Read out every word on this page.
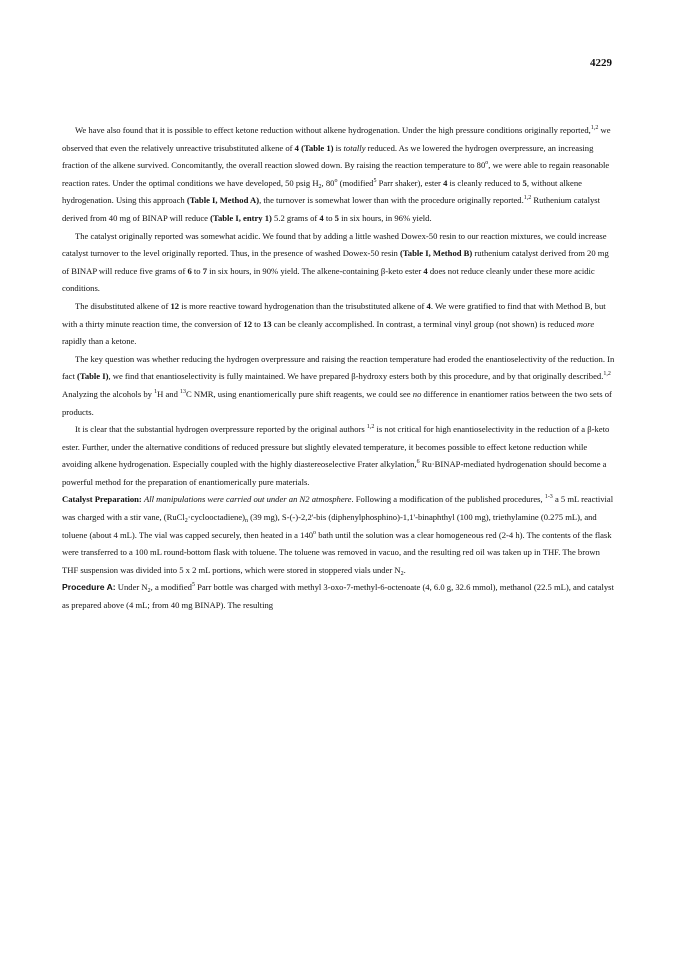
4229

We have also found that it is possible to effect ketone reduction without alkene hydrogenation. Under the high pressure conditions originally reported,$^{1,2}$ we observed that even the relatively unreactive trisubstituted alkene of 4 (Table 1) is totally reduced. As we lowered the hydrogen overpressure, an increasing fraction of the alkene survived. Concomitantly, the overall reaction slowed down. By raising the reaction temperature to 80$^o$, we were able to regain reasonable reaction rates. Under the optimal conditions we have developed, 50 psig $H_2$, 80$^o$ (modified$^5$ Parr shaker), ester 4 is cleanly reduced to 5, without alkene hydrogenation. Using this approach (Table I, Method A), the turnover is somewhat lower than with the procedure originally reported.$^{1,2}$ Ruthenium catalyst derived from 40 mg of BINAP will reduce (Table I, entry 1) 5.2 grams of 4 to 5 in six hours, in 96% yield.

The catalyst originally reported was somewhat acidic. We found that by adding a little washed Dowex-50 resin to our reaction mixtures, we could increase catalyst turnover to the level originally reported. Thus, in the presence of washed Dowex-50 resin (Table I, Method B) ruthenium catalyst derived from 20 mg of BINAP will reduce five grams of 6 to 7 in six hours, in 90% yield. The alkene-containing β-keto ester 4 does not reduce cleanly under these more acidic conditions.

The disubstituted alkene of 12 is more reactive toward hydrogenation than the trisubstituted alkene of 4. We were gratified to find that with Method B, but with a thirty minute reaction time, the conversion of 12 to 13 can be cleanly accomplished. In contrast, a terminal vinyl group (not shown) is reduced more rapidly than a ketone.

The key question was whether reducing the hydrogen overpressure and raising the reaction temperature had eroded the enantioselectivity of the reduction. In fact (Table I), we find that enantioselectivity is fully maintained. We have prepared β-hydroxy esters both by this procedure, and by that originally described.$^{1,2}$ Analyzing the alcohols by $^1$H and $^{13}$C NMR, using enantiomerically pure shift reagents, we could see no difference in enantiomer ratios between the two sets of products.

It is clear that the substantial hydrogen overpressure reported by the original authors $^{1,2}$ is not critical for high enantioselectivity in the reduction of a β-keto ester. Further, under the alternative conditions of reduced pressure but slightly elevated temperature, it becomes possible to effect ketone reduction while avoiding alkene hydrogenation. Especially coupled with the highly diastereoselective Frater alkylation,$^6$ Ru·BINAP-mediated hydrogenation should become a powerful method for the preparation of enantiomerically pure materials.

Catalyst Preparation: All manipulations were carried out under an N2 atmosphere. Following a modification of the published procedures, $^{1-3}$ a 5 mL reactivial was charged with a stir vane, $(RuCl_2\cdot cyclooctadiene)_n$ (39 mg), S-(-)-2,2'-bis (diphenylphosphino)-1,1'-binaphthyl (100 mg), triethylamine (0.275 mL), and toluene (about 4 mL). The vial was capped securely, then heated in a 140$^o$ bath until the solution was a clear homogeneous red (2-4 h). The contents of the flask were transferred to a 100 mL round-bottom flask with toluene. The toluene was removed in vacuo, and the resulting red oil was taken up in THF. The brown THF suspension was divided into 5 x 2 mL portions, which were stored in stoppered vials under $N_2$.

Procedure A: Under $N_2$, a modified$^5$ Parr bottle was charged with methyl 3-oxo-7-methyl-6-octenoate (4, 6.0 g, 32.6 mmol), methanol (22.5 mL), and catalyst as prepared above (4 mL; from 40 mg BINAP). The resulting
